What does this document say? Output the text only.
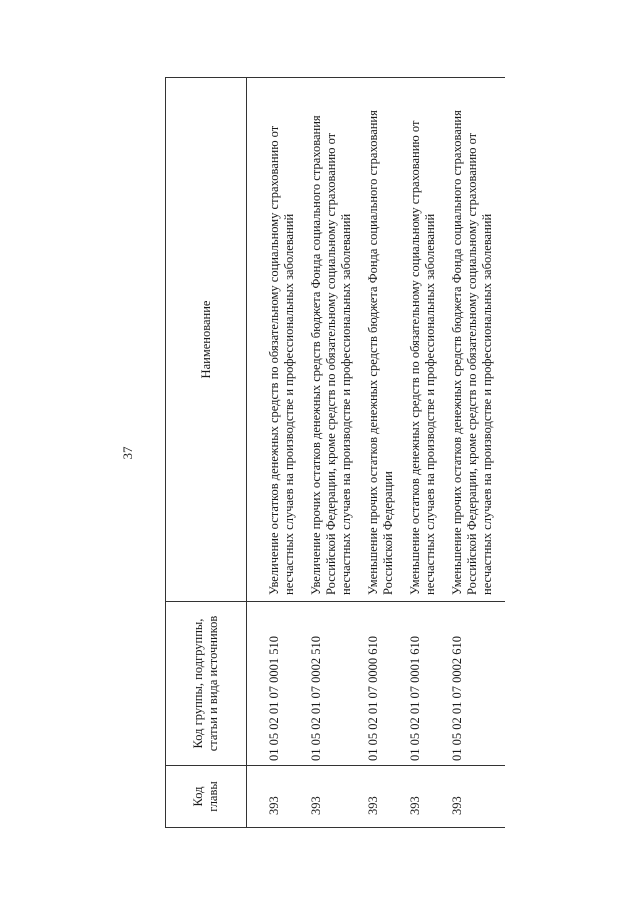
37
Код главы	Код группы, подгруппы, статьи и вида источников	Наименование
393	01 05 02 01 07 0001 510	Увеличение остатков денежных средств по обязательному социальному страхованию от несчастных случаев на производстве и профессиональных заболеваний

393	01 05 02 01 07 0002 510	Увеличение прочих остатков денежных средств бюджета Фонда социального страхования Российской Федерации, кроме средств по обязательному социальному страхованию от несчастных случаев на производстве и профессиональных заболеваний

393	01 05 02 01 07 0000 610	Уменьшение прочих остатков денежных средств бюджета Фонда социального страхования Российской Федерации

393	01 05 02 01 07 0001 610	Уменьшение остатков денежных средств по обязательному социальному страхованию от несчастных случаев на производстве и профессиональных заболеваний

393	01 05 02 01 07 0002 610	Уменьшение прочих остатков денежных средств бюджета Фонда социального страхования Российской Федерации, кроме средств по обязательному социальному страхованию от несчастных случаев на производстве и профессиональных заболеваний
